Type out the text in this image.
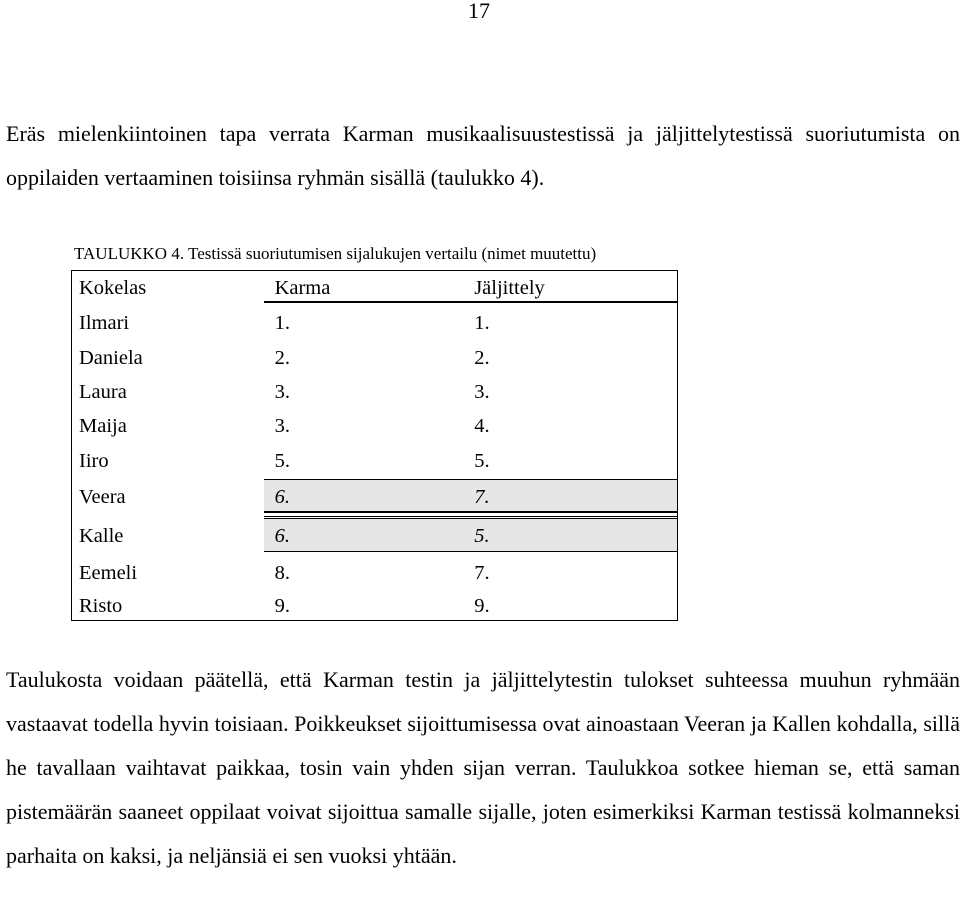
17

Eräs mielenkiintoinen tapa verrata Karman musikaalisuustestissä ja jäljittelytestissä suoriutumista on oppilaiden vertaaminen toisiinsa ryhmän sisällä (taulukko 4).

TAULUKKO 4. Testissä suoriutumisen sijalukujen vertailu (nimet muutettu)

Kokelas	Karma	Jäljittely
Ilmari	1.	1.
Daniela	2.	2.
Laura	3.	3.
Maija	3.	4.
Iiro	5.	5.
Veera	6.	7.
Kalle	6.	5.
Eemeli	8.	7.
Risto	9.	9.

Taulukosta voidaan päätellä, että Karman testin ja jäljittelytestin tulokset suhteessa muuhun ryhmään vastaavat todella hyvin toisiaan. Poikkeukset sijoittumisessa ovat ainoastaan Veeran ja Kallen kohdalla, sillä he tavallaan vaihtavat paikkaa, tosin vain yhden sijan verran. Taulukkoa sotkee hieman se, että saman pistemäärän saaneet oppilaat voivat sijoittua samalle sijalle, joten esimerkiksi Karman testissä kolmanneksi parhaita on kaksi, ja neljänsiä ei sen vuoksi yhtään.
